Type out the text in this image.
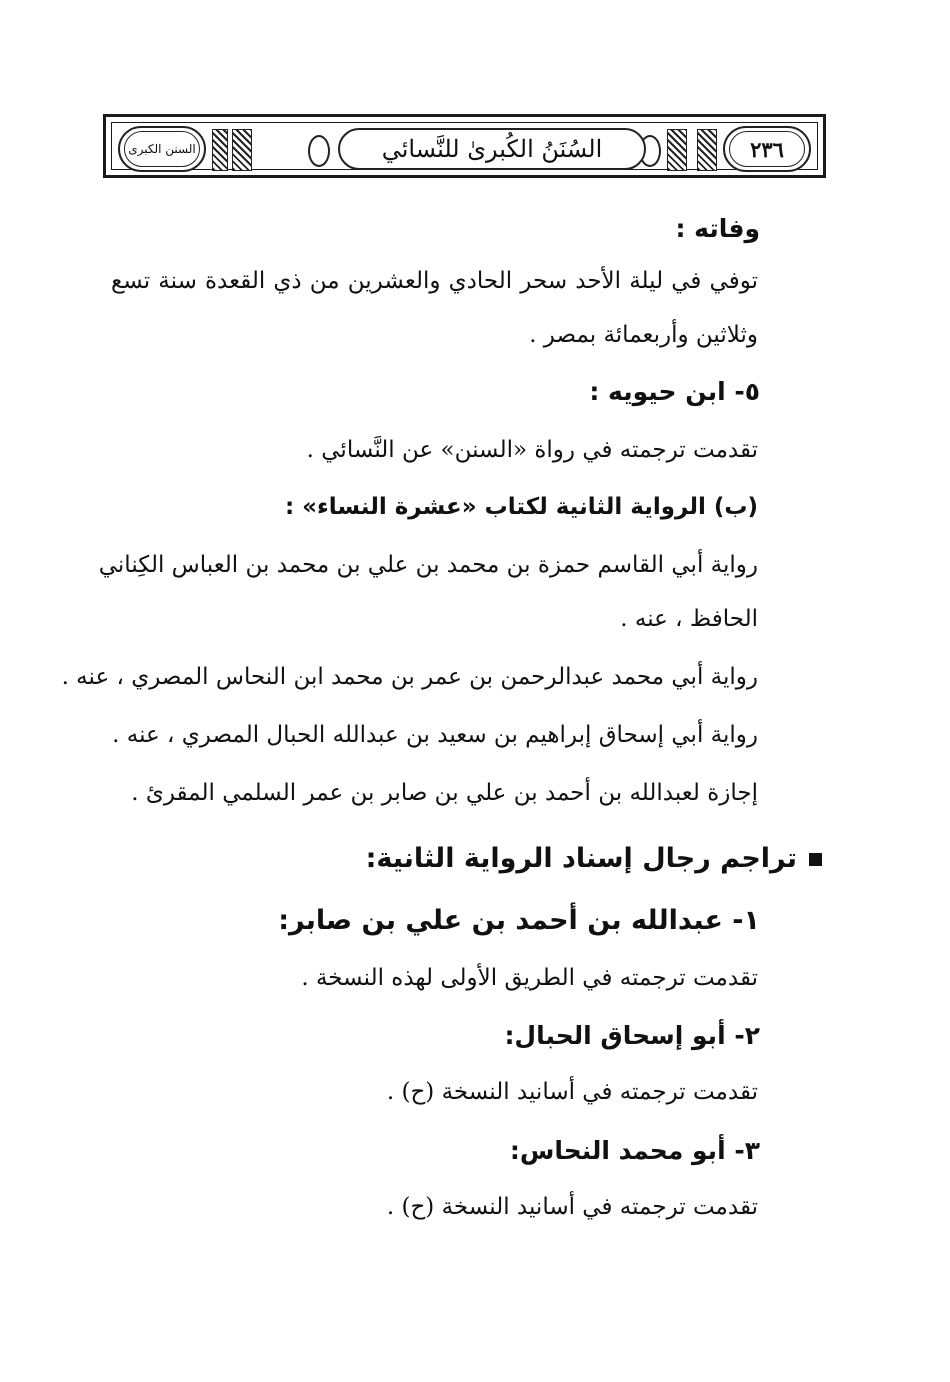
٢٣٦
السُنَنُ الكُبرىٰ للنَّسائي
السنن الكبرى
وفاته :
توفي في ليلة الأحد سحر الحادي والعشرين من ذي القعدة سنة تسع
وثلاثين وأربعمائة بمصر .
٥- ابن حيويه :
تقدمت ترجمته في رواة «السنن» عن النَّسائي .
(ب) الرواية الثانية لكتاب «عشرة النساء» :
رواية أبي القاسم حمزة بن محمد بن علي بن محمد بن العباس الكِناني
الحافظ ، عنه .
رواية أبي محمد عبدالرحمن بن عمر بن محمد ابن النحاس المصري ، عنه .
رواية أبي إسحاق إبراهيم بن سعيد بن عبدالله الحبال المصري ، عنه .
إجازة لعبدالله بن أحمد بن علي بن صابر بن عمر السلمي المقرئ .
تراجم رجال إسناد الرواية الثانية:
١- عبدالله بن أحمد بن علي بن صابر:
تقدمت ترجمته في الطريق الأولى لهذه النسخة .
٢- أبو إسحاق الحبال:
تقدمت ترجمته في أسانيد النسخة (ح) .
٣- أبو محمد النحاس:
تقدمت ترجمته في أسانيد النسخة (ح) .
